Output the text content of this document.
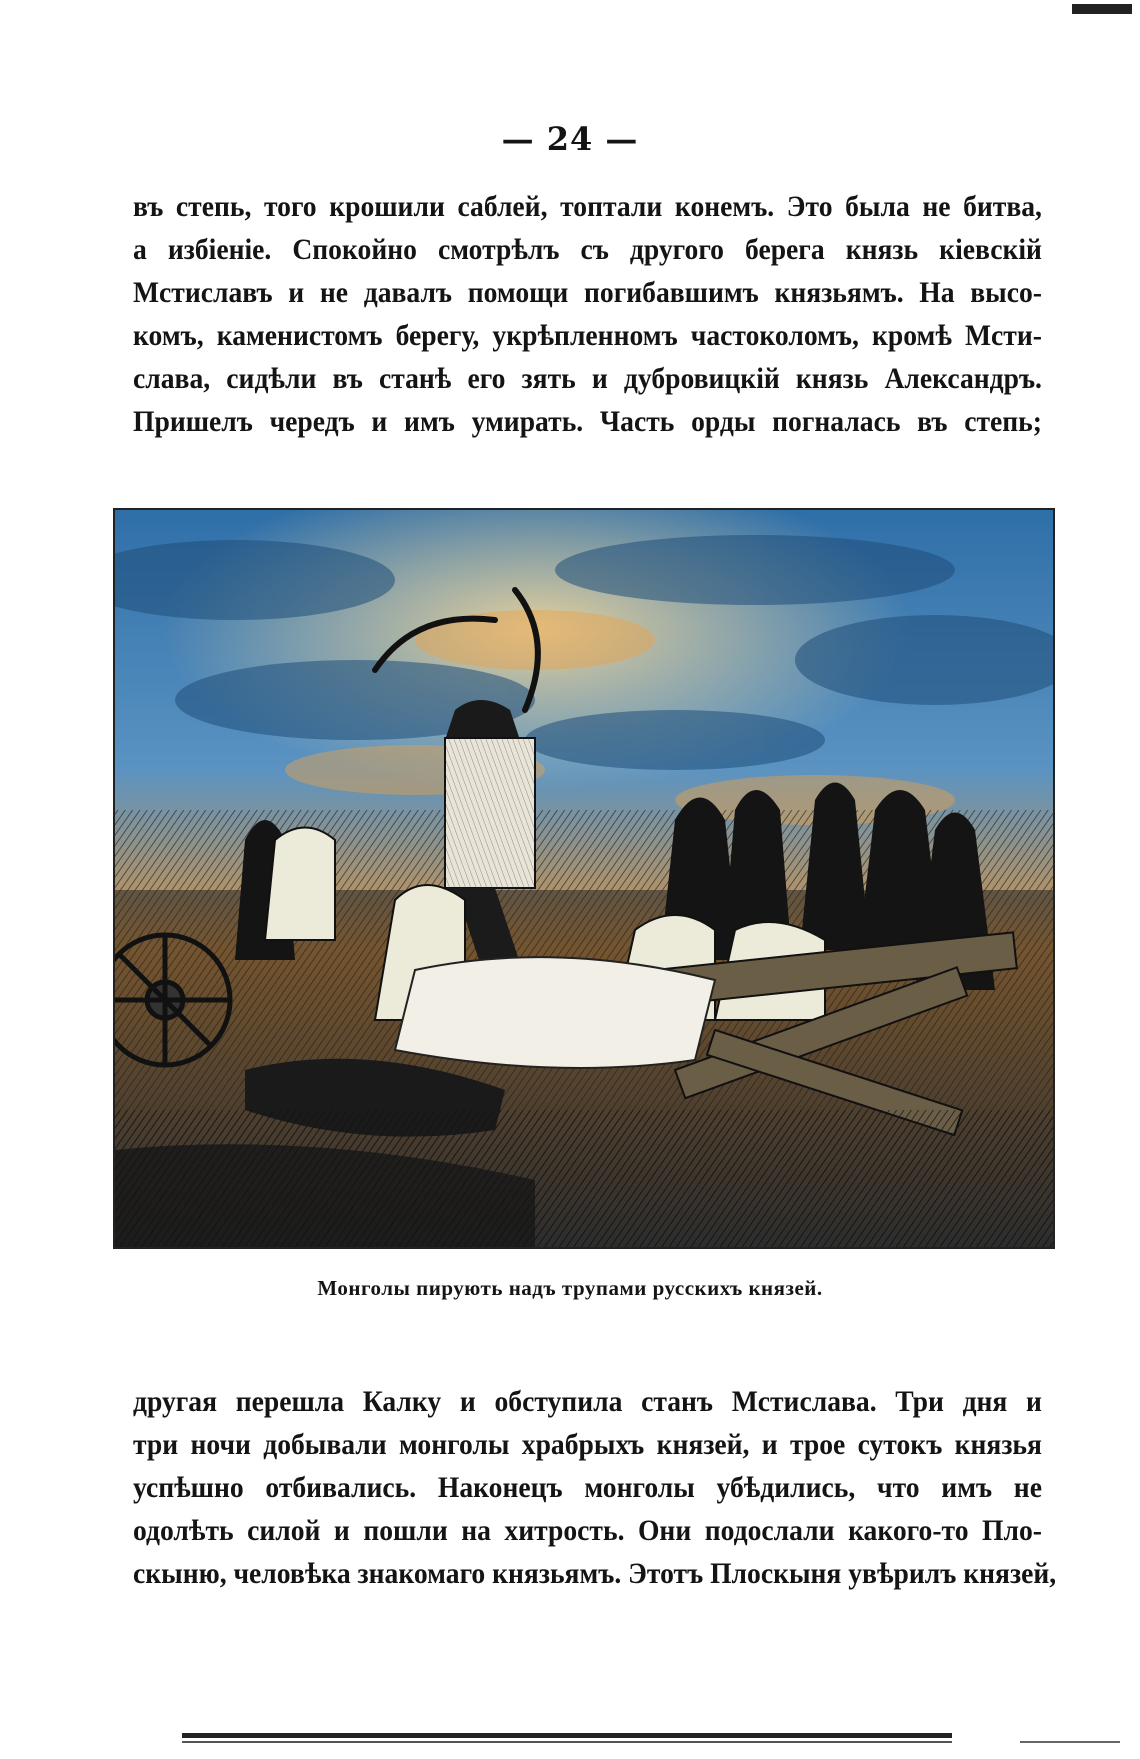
— 24 —
въ степь, того крошили саблей, топтали конемъ. Это была не битва,
а избіеніе. Спокойно смотрѣлъ съ другого берега князь кіевскій
Мстиславъ и не давалъ помощи погибавшимъ князьямъ. На высо-
комъ, каменистомъ берегу, укрѣпленномъ частоколомъ, кромѣ Мсти-
слава, сидѣли въ станѣ его зять и дубровицкій князь Александръ.
Пришелъ чередъ и имъ умирать. Часть орды погналась въ степь;
Монголы пирують надъ трупами русскихъ князей.
другая перешла Калку и обступила станъ Мстислава. Три дня и
три ночи добывали монголы храбрыхъ князей, и трое сутокъ князья
успѣшно отбивались. Наконецъ монголы убѣдились, что имъ не
одолѣть силой и пошли на хитрость. Они подослали какого-то Пло-
скыню, человѣка знакомаго князьямъ. Этотъ Плоскыня увѣрилъ князей,
